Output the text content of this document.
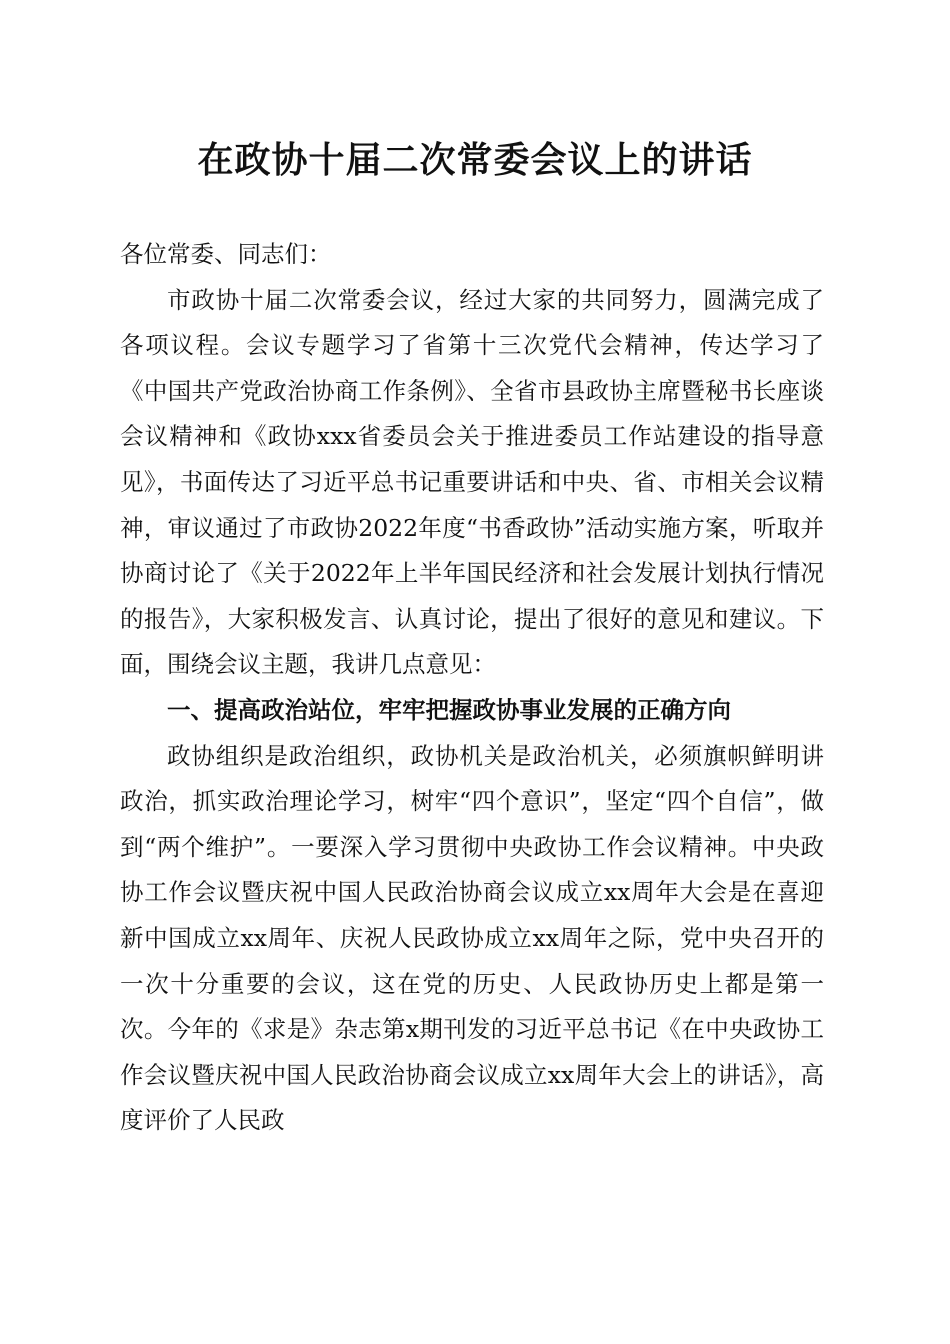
在政协十届二次常委会议上的讲话

各位常委、同志们：

市政协十届二次常委会议，经过大家的共同努力，圆满完成了各项议程。会议专题学习了省第十三次党代会精神，传达学习了《中国共产党政治协商工作条例》、全省市县政协主席暨秘书长座谈会议精神和《政协xxx省委员会关于推进委员工作站建设的指导意见》，书面传达了习近平总书记重要讲话和中央、省、市相关会议精神，审议通过了市政协2022年度“书香政协”活动实施方案，听取并协商讨论了《关于2022年上半年国民经济和社会发展计划执行情况的报告》，大家积极发言、认真讨论，提出了很好的意见和建议。下面，围绕会议主题，我讲几点意见：

一、提高政治站位，牢牢把握政协事业发展的正确方向

政协组织是政治组织，政协机关是政治机关，必须旗帜鲜明讲政治，抓实政治理论学习，树牢“四个意识”，坚定“四个自信”，做到“两个维护”。一要深入学习贯彻中央政协工作会议精神。中央政协工作会议暨庆祝中国人民政治协商会议成立xx周年大会是在喜迎新中国成立xx周年、庆祝人民政协成立xx周年之际，党中央召开的一次十分重要的会议，这在党的历史、人民政协历史上都是第一次。今年的《求是》杂志第x期刊发的习近平总书记《在中央政协工作会议暨庆祝中国人民政治协商会议成立xx周年大会上的讲话》，高度评价了人民政
